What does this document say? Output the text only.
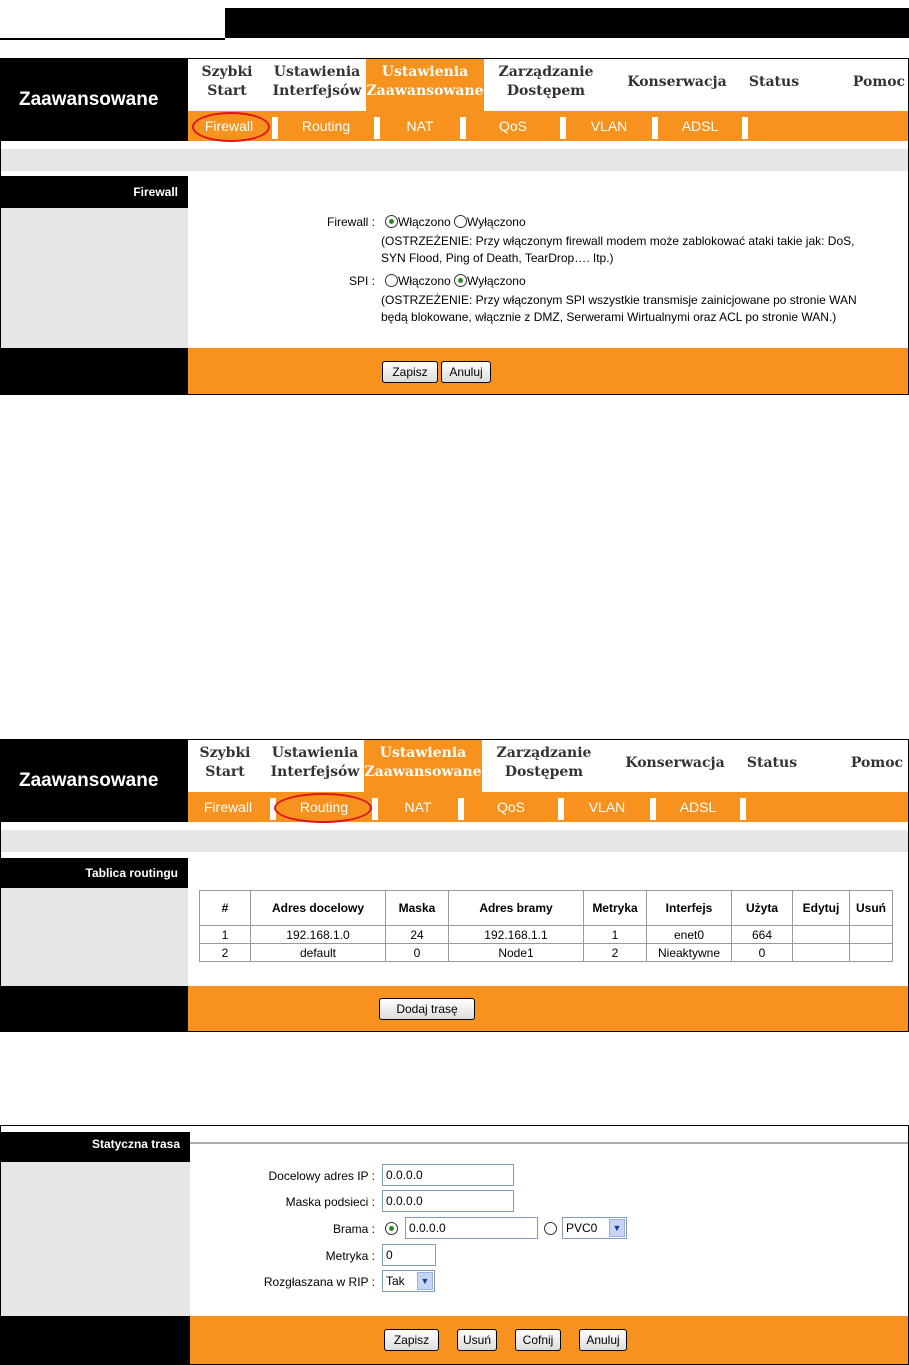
Zaawansowane
Szybki
Start
Ustawienia
Interfejsów
Ustawienia
Zaawansowane
Zarządzanie
Dostępem
Konserwacja	Status	Pomoc
Firewall	Routing	NAT	QoS	VLAN	ADSL
Firewall
Firewall :	Włączono Wyłączono
(OSTRZEŻENIE: Przy włączonym firewall modem może zablokować ataki takie jak: DoS,
SYN Flood, Ping of Death, TearDrop…. Itp.)
SPI :	Włączono Wyłączono
(OSTRZEŻENIE: Przy włączonym SPI wszystkie transmisje zainicjowane po stronie WAN
będą blokowane, włącznie z DMZ, Serwerami Wirtualnymi oraz ACL po stronie WAN.)
Zapisz	Anuluj
Zaawansowane
Szybki
Start
Ustawienia
Interfejsów
Ustawienia
Zaawansowane
Zarządzanie
Dostępem
Konserwacja	Status	Pomoc
Firewall	Routing	NAT	QoS	VLAN	ADSL
Tablica routingu
#	Adres docelowy	Maska	Adres bramy	Metryka	Interfejs	Użyta	Edytuj	Usuń
1	192.168.1.0	24	192.168.1.1	1	enet0	664		
2	default	0	Node1	2	Nieaktywne	0		
Dodaj trasę
Statyczna trasa
Docelowy adres IP : 0.0.0.0
Maska podsieci : 0.0.0.0
Brama :	0.0.0.0	PVC0	▼
Metryka : 0
Rozgłaszana w RIP : Tak	▼
Zapisz	Usuń	Cofnij	Anuluj
